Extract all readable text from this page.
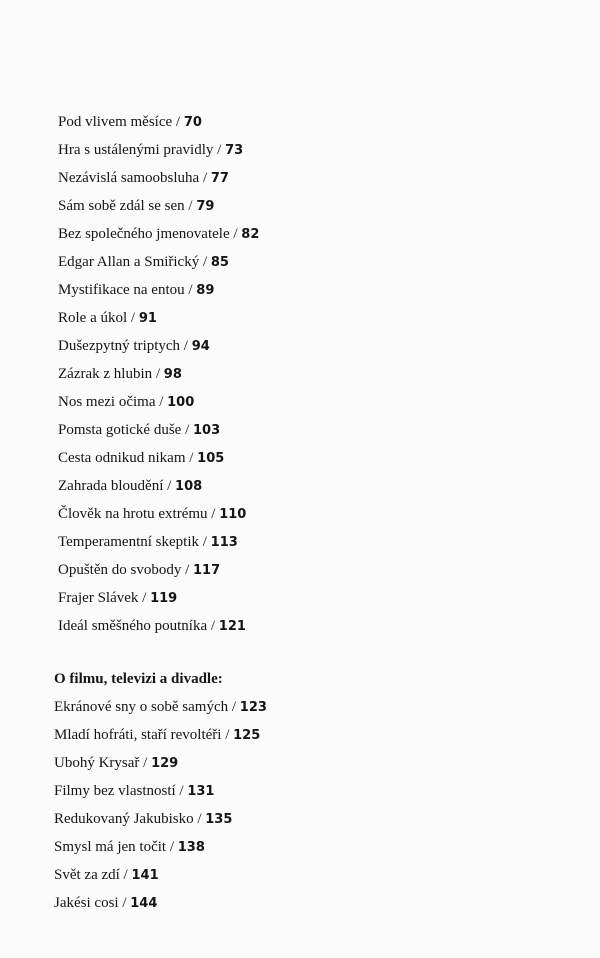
Pod vlivem měsíce / 70
Hra s ustálenými pravidly / 73
Nezávislá samoobsluha / 77
Sám sobě zdál se sen / 79
Bez společného jmenovatele / 82
Edgar Allan a Smiřický / 85
Mystifikace na entou / 89
Role a úkol / 91
Dušezpytný triptych / 94
Zázrak z hlubin / 98
Nos mezi očima / 100
Pomsta gotické duše / 103
Cesta odnikud nikam / 105
Zahrada bloudění / 108
Člověk na hrotu extrému / 110
Temperamentní skeptik / 113
Opuštěn do svobody / 117
Frajer Slávek / 119
Ideál směšného poutníka / 121
O filmu, televizi a divadle:
Ekránové sny o sobě samých / 123
Mladí hofráti, staří revoltéři / 125
Ubohý Krysař / 129
Filmy bez vlastností / 131
Redukovaný Jakubisko / 135
Smysl má jen točit / 138
Svět za zdí / 141
Jakési cosi / 144
